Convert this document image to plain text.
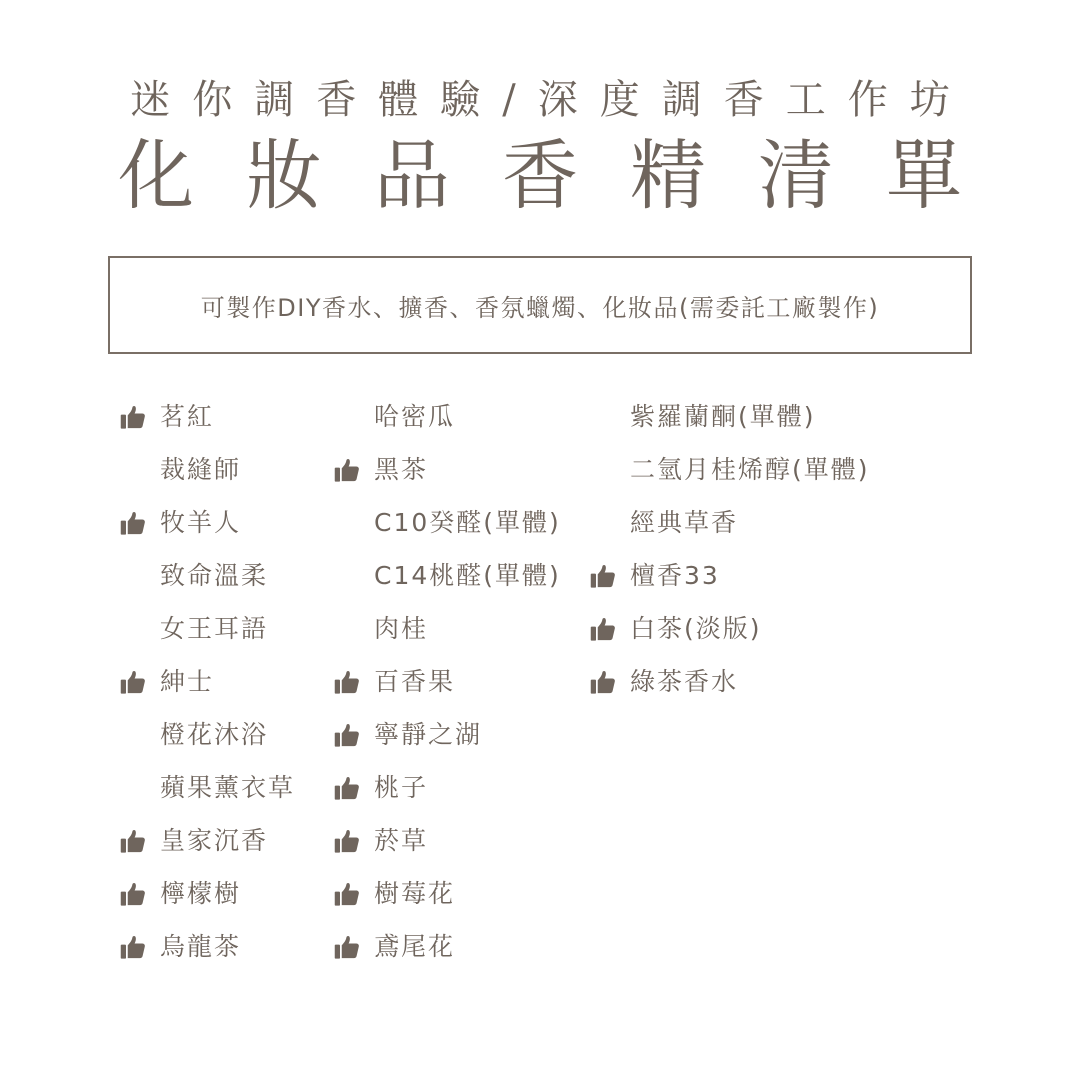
迷你調香體驗/深度調香工作坊
化妝品香精清單
可製作DIY香水、擴香、香氛蠟燭、化妝品(需委託工廠製作)
茗紅
裁縫師
牧羊人
致命溫柔
女王耳語
紳士
橙花沐浴
蘋果薰衣草
皇家沉香
檸檬樹
烏龍茶
哈密瓜
黑茶
C10癸醛(單體)
C14桃醛(單體)
肉桂
百香果
寧靜之湖
桃子
菸草
樹莓花
鳶尾花
紫羅蘭酮(單體)
二氫月桂烯醇(單體)
經典草香
檀香33
白茶(淡版)
綠茶香水
